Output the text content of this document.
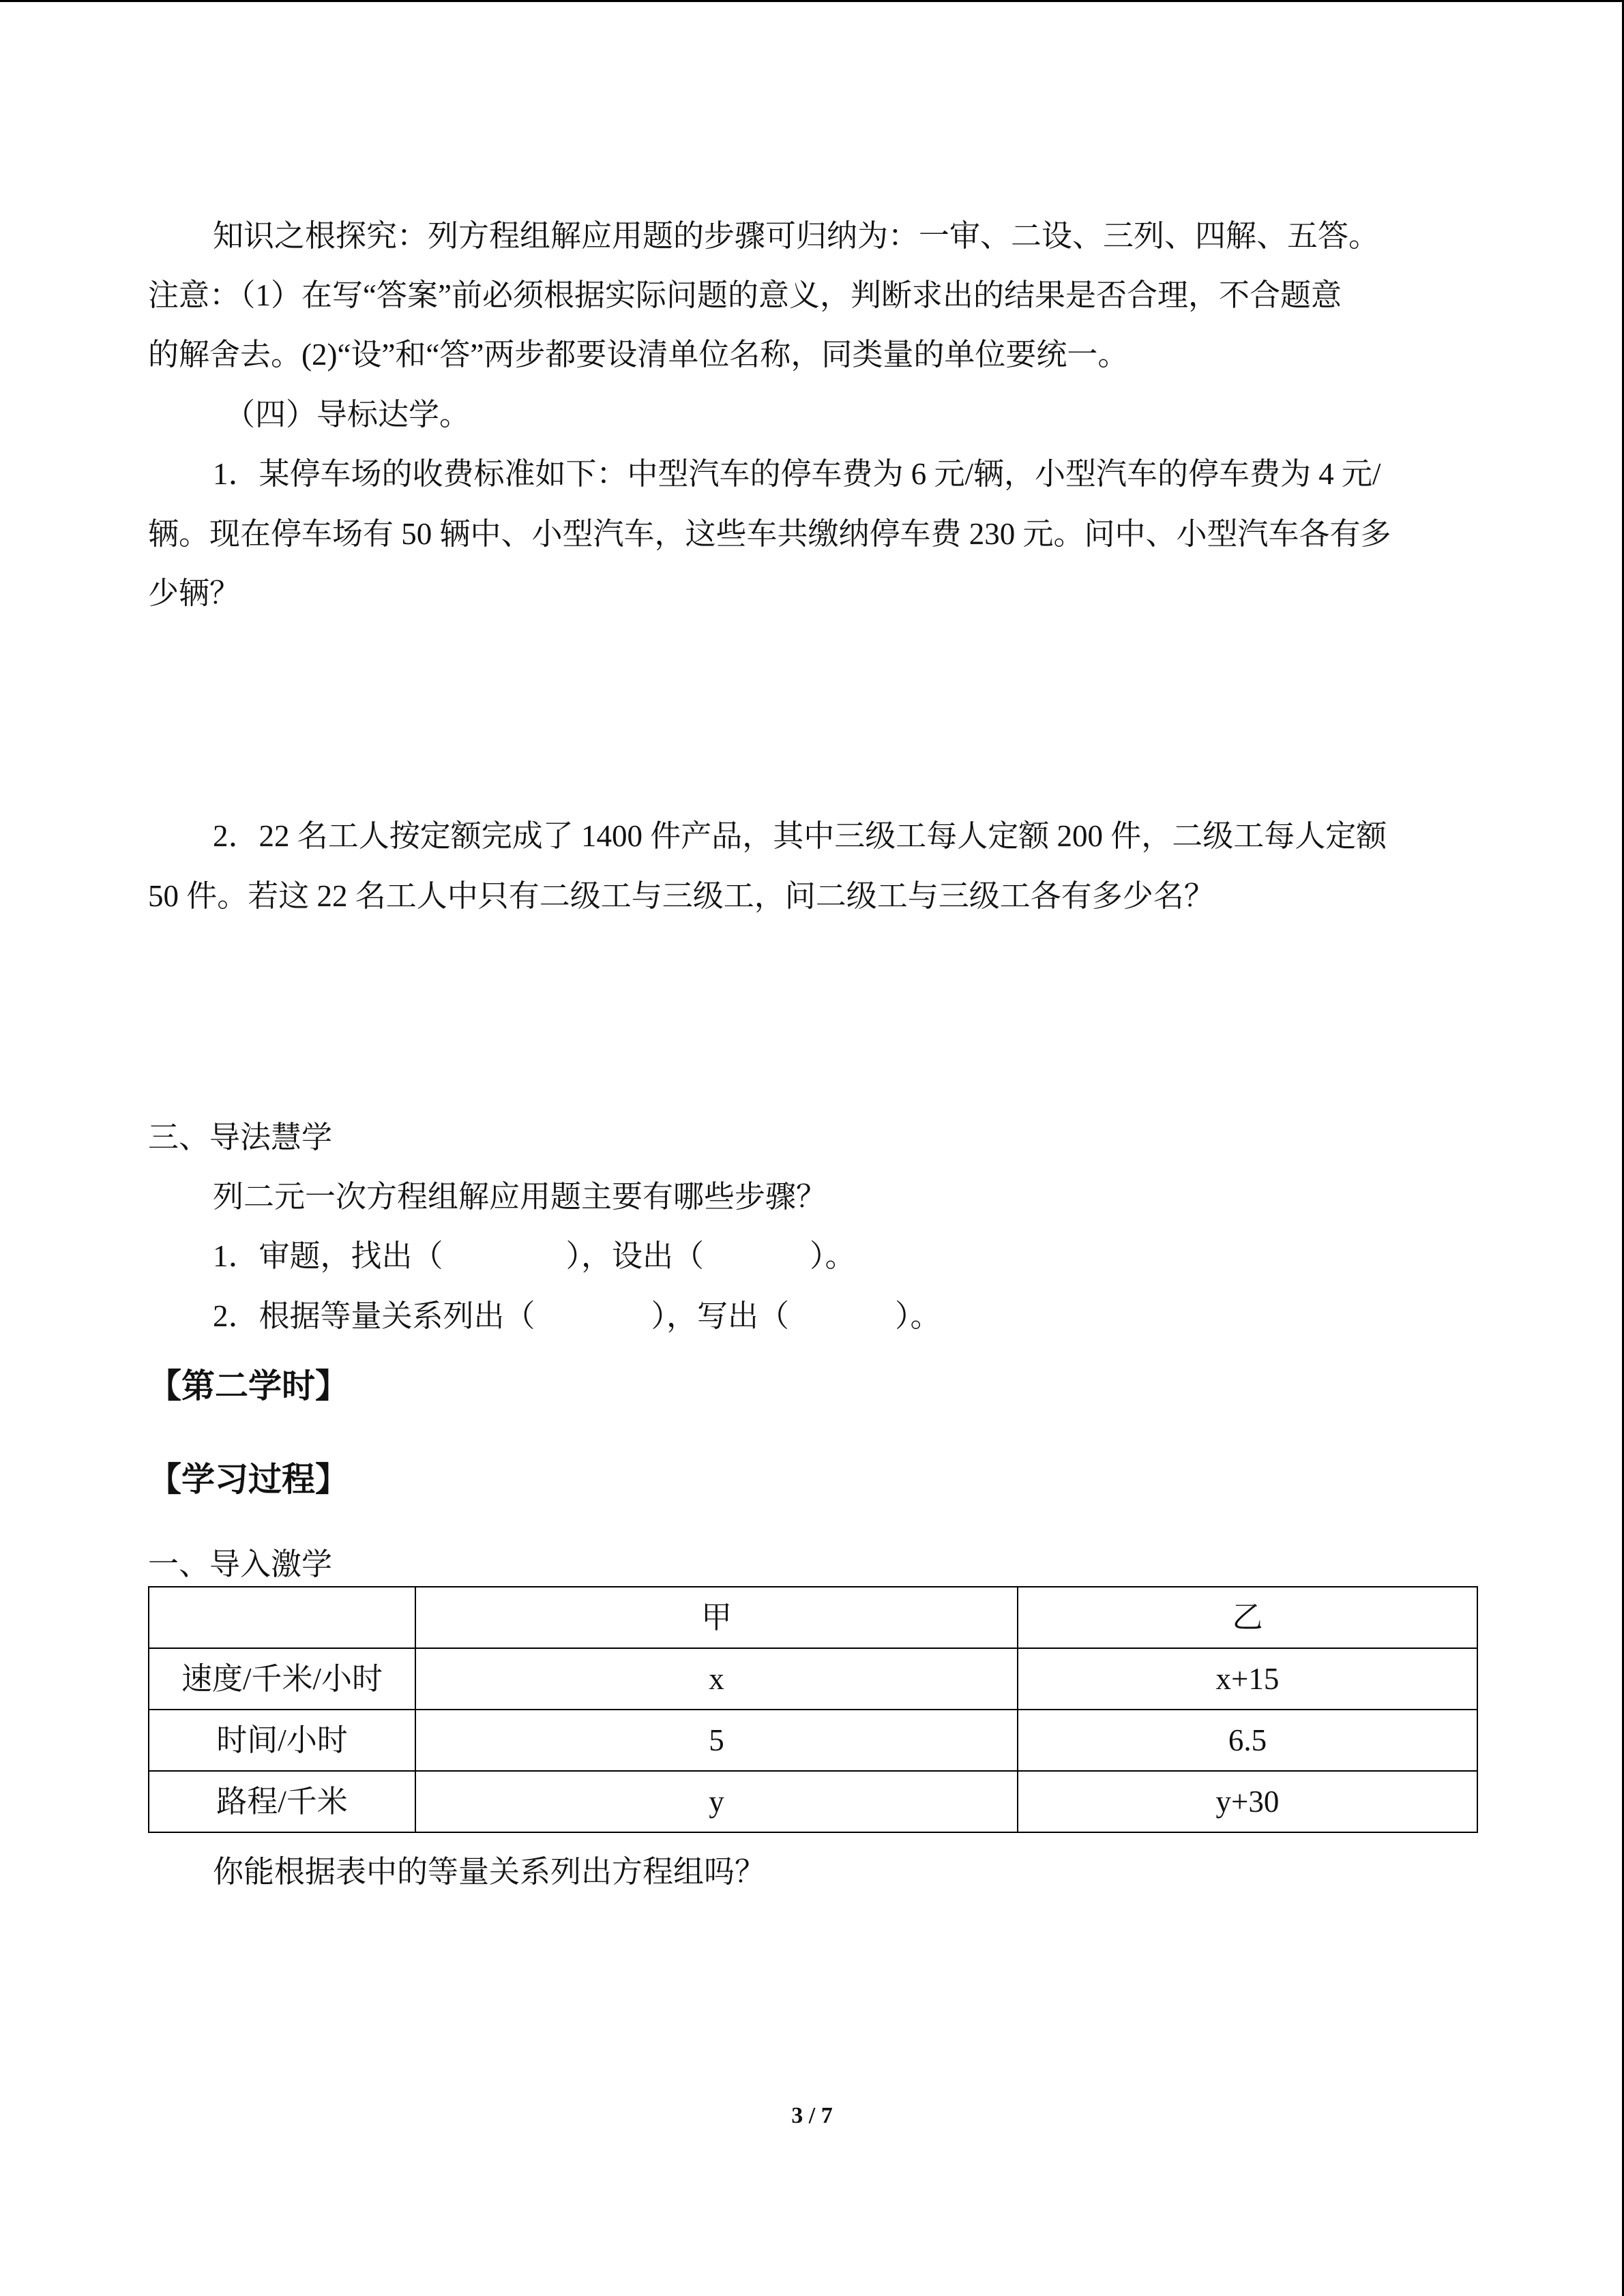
知识之根探究：列方程组解应用题的步骤可归纳为：一审、二设、三列、四解、五答。
注意：（1）在写“答案”前必须根据实际问题的意义，判断求出的结果是否合理，不合题意
的解舍去。(2)“设”和“答”两步都要设清单位名称，同类量的单位要统一。
（四）导标达学。
1．某停车场的收费标准如下：中型汽车的停车费为 6 元/辆，小型汽车的停车费为 4 元/
辆。现在停车场有 50 辆中、小型汽车，这些车共缴纳停车费 230 元。问中、小型汽车各有多
少辆？
2．22 名工人按定额完成了 1400 件产品，其中三级工每人定额 200 件，二级工每人定额
50 件。若这 22 名工人中只有二级工与三级工，问二级工与三级工各有多少名？
三、导法慧学
列二元一次方程组解应用题主要有哪些步骤？
1．审题，找出（	），设出（	）。
2．根据等量关系列出（	），写出（	）。
【第二学时】
【学习过程】
一、导入激学
	甲	乙
速度/千米/小时	x	x+15
时间/小时	5	6.5
路程/千米	y	y+30
你能根据表中的等量关系列出方程组吗？
3 / 7
